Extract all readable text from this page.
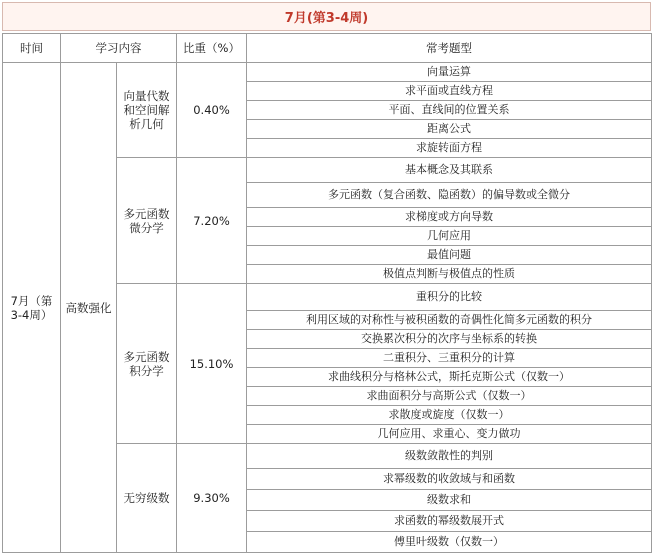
7月(第3-4周)
时间	学习内容		比重（%）	常考题型
7月（第3-4周）	高数强化	向量代数和空间解析几何	0.40%	向量运算
				求平面或直线方程
				平面、直线间的位置关系
				距离公式
				求旋转面方程
		多元函数微分学	7.20%	基本概念及其联系
				多元函数（复合函数、隐函数）的偏导数或全微分
				求梯度或方向导数
				几何应用
				最值问题
				极值点判断与极值点的性质
		多元函数积分学	15.10%	重积分的比较
				利用区域的对称性与被积函数的奇偶性化简多元函数的积分
				交换累次积分的次序与坐标系的转换
				二重积分、三重积分的计算
				求曲线积分与格林公式，斯托克斯公式（仅数一）
				求曲面积分与高斯公式（仅数一）
				求散度或旋度（仅数一）
				几何应用、求重心、变力做功
		无穷级数	9.30%	级数敛散性的判别
				求幂级数的收敛域与和函数
				级数求和
				求函数的幂级数展开式
				傅里叶级数（仅数一）
